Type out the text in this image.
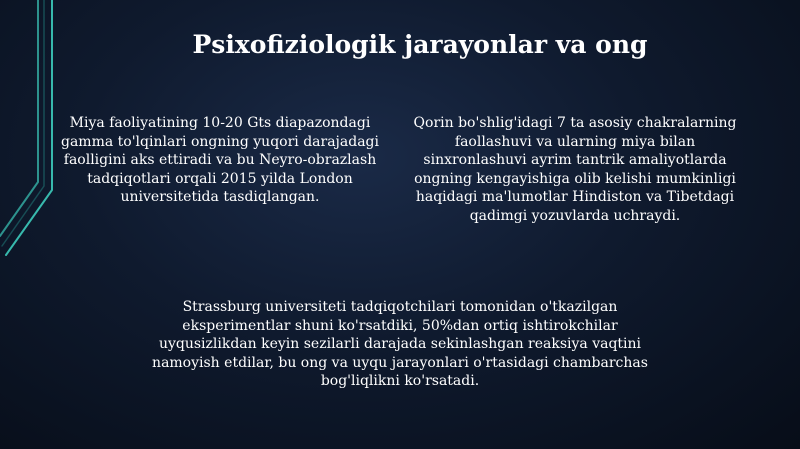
Psixofiziologik jarayonlar va ong

Miya faoliyatining 10-20 Gts diapazondagi
gamma to'lqinlari ongning yuqori darajadagi
faolligini aks ettiradi va bu Neyro-obrazlash
tadqiqotlari orqali 2015 yilda London
universitetida tasdiqlangan.

Qorin bo'shlig'idagi 7 ta asosiy chakralarning
faollashuvi va ularning miya bilan
sinxronlashuvi ayrim tantrik amaliyotlarda
ongning kengayishiga olib kelishi mumkinligi
haqidagi ma'lumotlar Hindiston va Tibetdagi
qadimgi yozuvlarda uchraydi.

Strassburg universiteti tadqiqotchilari tomonidan o'tkazilgan
eksperimentlar shuni ko'rsatdiki, 50%dan ortiq ishtirokchilar
uyqusizlikdan keyin sezilarli darajada sekinlashgan reaksiya vaqtini
namoyish etdilar, bu ong va uyqu jarayonlari o'rtasidagi chambarchas
bog'liqlikni ko'rsatadi.
